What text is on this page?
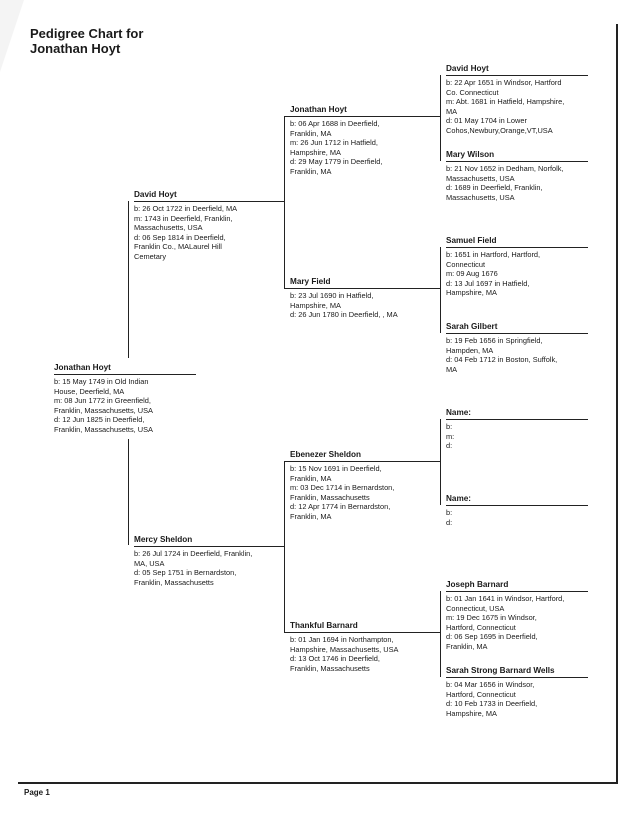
Pedigree Chart for
Jonathan Hoyt
Jonathan Hoyt
b: 15 May 1749 in Old Indian
House, Deerfield, MA
m: 08 Jun 1772 in Greenfield,
Franklin, Massachusetts, USA
d: 12 Jun 1825 in Deerfield,
Franklin, Massachusetts, USA
David Hoyt
b: 26 Oct 1722 in Deerfield, MA
m: 1743 in Deerfield, Franklin,
Massachusetts, USA
d: 06 Sep 1814 in Deerfield,
Franklin Co., MALaurel Hill
Cemetary
Mercy Sheldon
b: 26 Jul 1724 in Deerfield, Franklin,
MA, USA
d: 05 Sep 1751 in Bernardston,
Franklin, Massachusetts
Jonathan Hoyt
b: 06 Apr 1688 in Deerfield,
Franklin, MA
m: 26 Jun 1712 in Hatfield,
Hampshire, MA
d: 29 May 1779 in Deerfield,
Franklin, MA
Mary Field
b: 23 Jul 1690 in Hatfield,
Hampshire, MA
d: 26 Jun 1780 in Deerfield, , MA
Ebenezer Sheldon
b: 15 Nov 1691 in Deerfield,
Franklin, MA
m: 03 Dec 1714 in Bernardston,
Franklin, Massachusetts
d: 12 Apr 1774 in Bernardston,
Franklin, MA
Thankful Barnard
b: 01 Jan 1694 in Northampton,
Hampshire, Massachusetts, USA
d: 13 Oct 1746 in Deerfield,
Franklin, Massachusetts
David Hoyt
b: 22 Apr 1651 in Windsor, Hartford
Co. Connecticut
m: Abt. 1681 in Hatfield, Hampshire,
MA
d: 01 May 1704 in Lower
Cohos,Newbury,Orange,VT,USA
Mary Wilson
b: 21 Nov 1652 in Dedham, Norfolk,
Massachusetts, USA
d: 1689 in Deerfield, Franklin,
Massachusetts, USA
Samuel Field
b: 1651 in Hartford, Hartford,
Connecticut
m: 09 Aug 1676
d: 13 Jul 1697 in Hatfield,
Hampshire, MA
Sarah Gilbert
b: 19 Feb 1656 in Springfield,
Hampden, MA
d: 04 Feb 1712 in Boston, Suffolk,
MA
Name:
b:
m:
d:
Name:
b:
d:
Joseph Barnard
b: 01 Jan 1641 in Windsor, Hartford,
Connecticut, USA
m: 19 Dec 1675 in Windsor,
Hartford, Connecticut
d: 06 Sep 1695 in Deerfield,
Franklin, MA
Sarah Strong Barnard Wells
b: 04 Mar 1656 in Windsor,
Hartford, Connecticut
d: 10 Feb 1733 in Deerfield,
Hampshire, MA
Page 1
